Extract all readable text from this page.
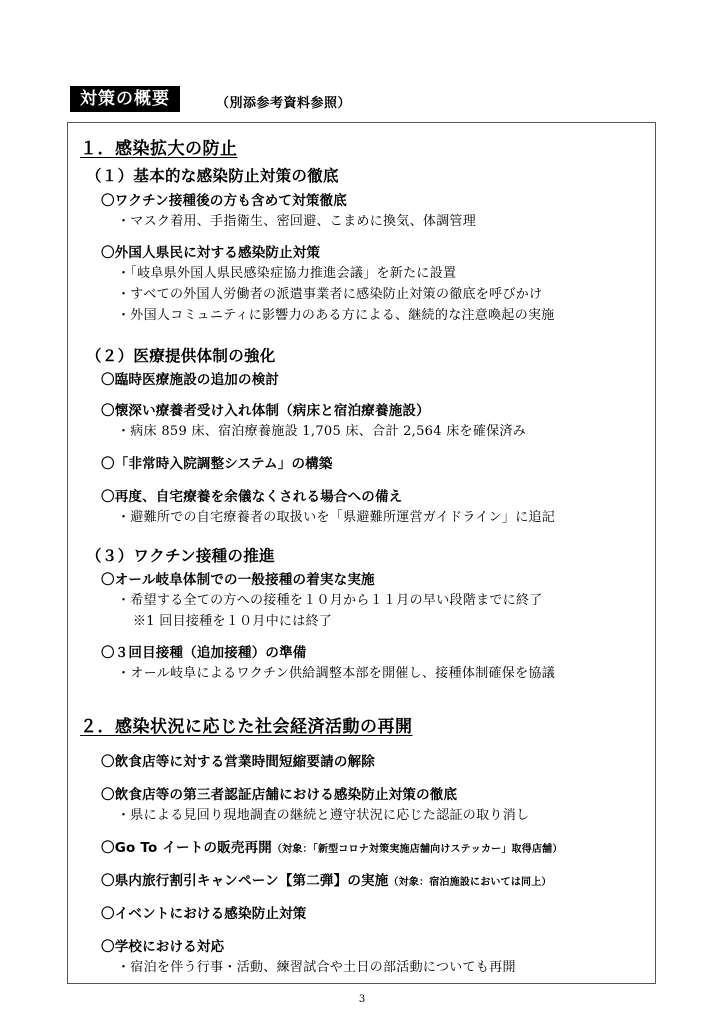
対策の概要	（別添参考資料参照）
１．感染拡大の防止
（１）基本的な感染防止対策の徹底
〇ワクチン接種後の方も含めて対策徹底
・マスク着用、手指衛生、密回避、こまめに換気、体調管理
〇外国人県民に対する感染防止対策
・「岐阜県外国人県民感染症協力推進会議」を新たに設置
・すべての外国人労働者の派遣事業者に感染防止対策の徹底を呼びかけ
・外国人コミュニティに影響力のある方による、継続的な注意喚起の実施
（２）医療提供体制の強化
〇臨時医療施設の追加の検討
〇懐深い療養者受け入れ体制（病床と宿泊療養施設）
・病床 859 床、宿泊療養施設 1,705 床、合計 2,564 床を確保済み
〇「非常時入院調整システム」の構築
〇再度、自宅療養を余儀なくされる場合への備え
・避難所での自宅療養者の取扱いを「県避難所運営ガイドライン」に追記
（３）ワクチン接種の推進
〇オール岐阜体制での一般接種の着実な実施
・希望する全ての方への接種を１０月から１１月の早い段階までに終了
※1 回目接種を１０月中には終了
〇３回目接種（追加接種）の準備
・オール岐阜によるワクチン供給調整本部を開催し、接種体制確保を協議
２．感染状況に応じた社会経済活動の再開
〇飲食店等に対する営業時間短縮要請の解除
〇飲食店等の第三者認証店舗における感染防止対策の徹底
・県による見回り現地調査の継続と遵守状況に応じた認証の取り消し
〇Go To イートの販売再開（対象：「新型コロナ対策実施店舗向けステッカー」取得店舗）
〇県内旅行割引キャンペーン【第二弾】の実施（対象：宿泊施設においては同上）
〇イベントにおける感染防止対策
〇学校における対応
・宿泊を伴う行事・活動、練習試合や土日の部活動についても再開
3
